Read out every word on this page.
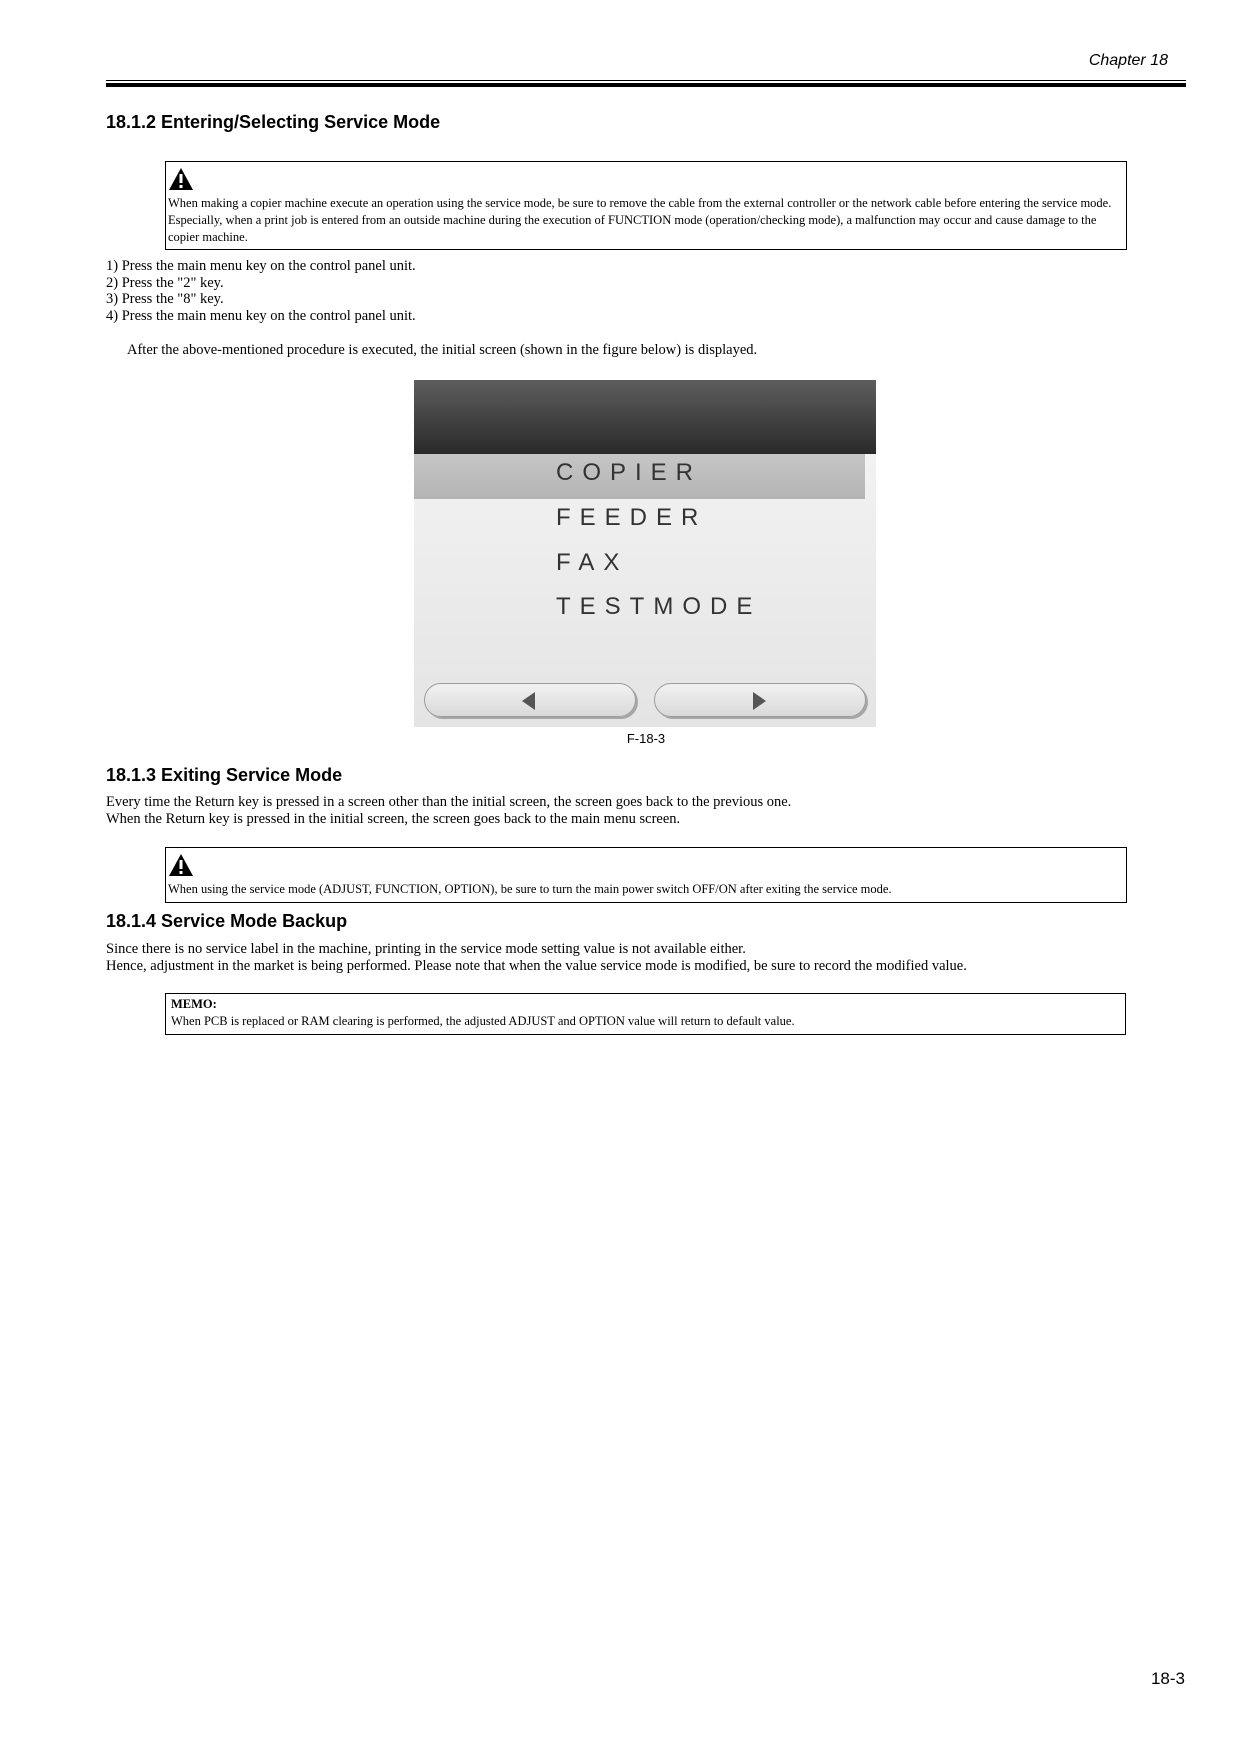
Chapter 18
18.1.2 Entering/Selecting Service Mode
When making a copier machine execute an operation using the service mode, be sure to remove the cable from the external controller or the network cable before entering the service mode. Especially, when a print job is entered from an outside machine during the execution of FUNCTION mode (operation/checking mode), a malfunction may occur and cause damage to the copier machine.
1) Press the main menu key on the control panel unit.
2) Press the "2" key.
3) Press the "8" key.
4) Press the main menu key on the control panel unit.
After the above-mentioned procedure is executed, the initial screen (shown in the figure below) is displayed.
COPIER
FEEDER
FAX
TESTMODE
F-18-3
18.1.3 Exiting Service Mode
Every time the Return key is pressed in a screen other than the initial screen, the screen goes back to the previous one.
When the Return key is pressed in the initial screen, the screen goes back to the main menu screen.
When using the service mode (ADJUST, FUNCTION, OPTION), be sure to turn the main power switch OFF/ON after exiting the service mode.
18.1.4 Service Mode Backup
Since there is no service label in the machine, printing in the service mode setting value is not available either.
Hence, adjustment in the market is being performed. Please note that when the value service mode is modified, be sure to record the modified value.
MEMO:
When PCB is replaced or RAM clearing is performed, the adjusted ADJUST and OPTION value will return to default value.
18-3
